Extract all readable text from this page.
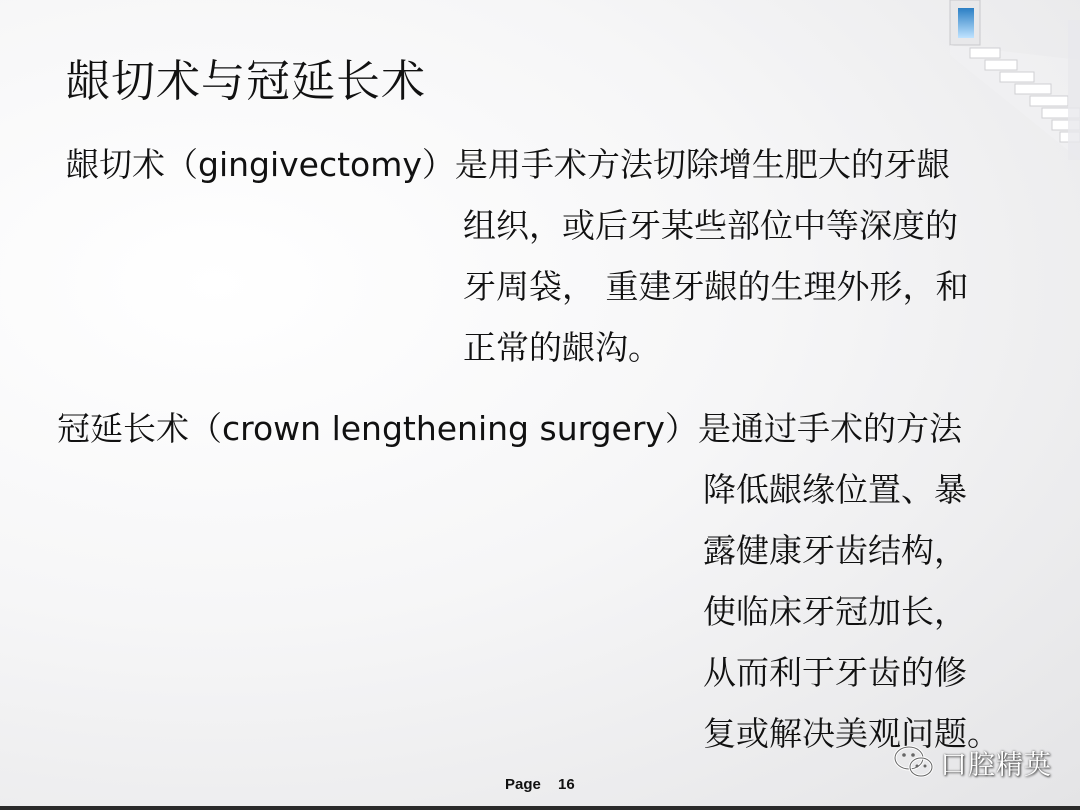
龈切术与冠延长术
龈切术（gingivectomy）是用手术方法切除增生肥大的牙龈
组织，或后牙某些部位中等深度的
牙周袋， 重建牙龈的生理外形，和
正常的龈沟。
冠延长术（crown lengthening surgery）是通过手术的方法
降低龈缘位置、暴
露健康牙齿结构，
使临床牙冠加长，
从而利于牙齿的修
复或解决美观问题。
Page 16
口腔精英
